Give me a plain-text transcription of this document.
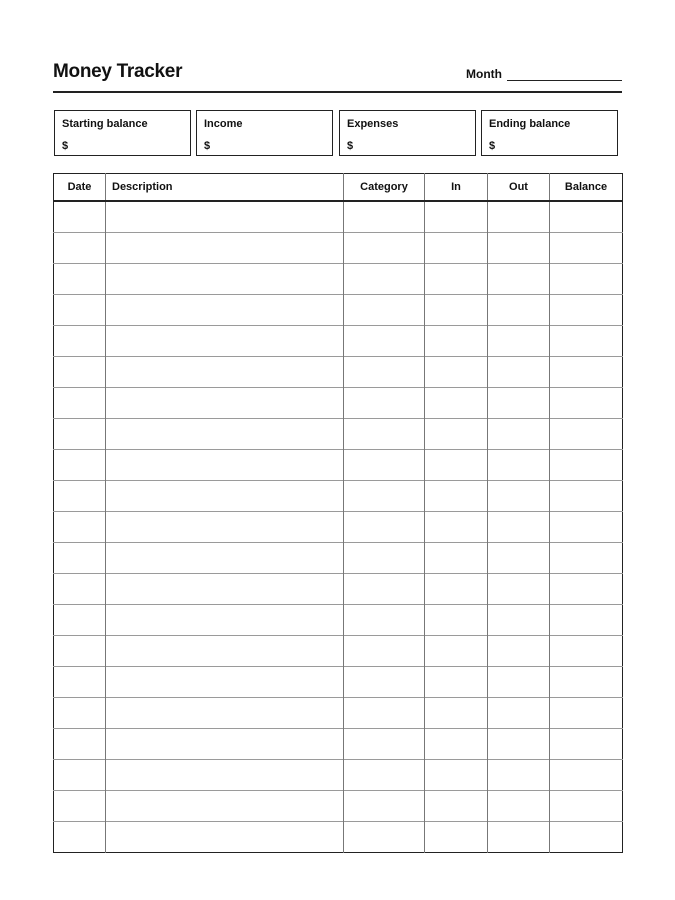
Money Tracker	Month
Starting balance
$
Income
$
Expenses
$
Ending balance
$
Date	Description	Category	In	Out	Balance
